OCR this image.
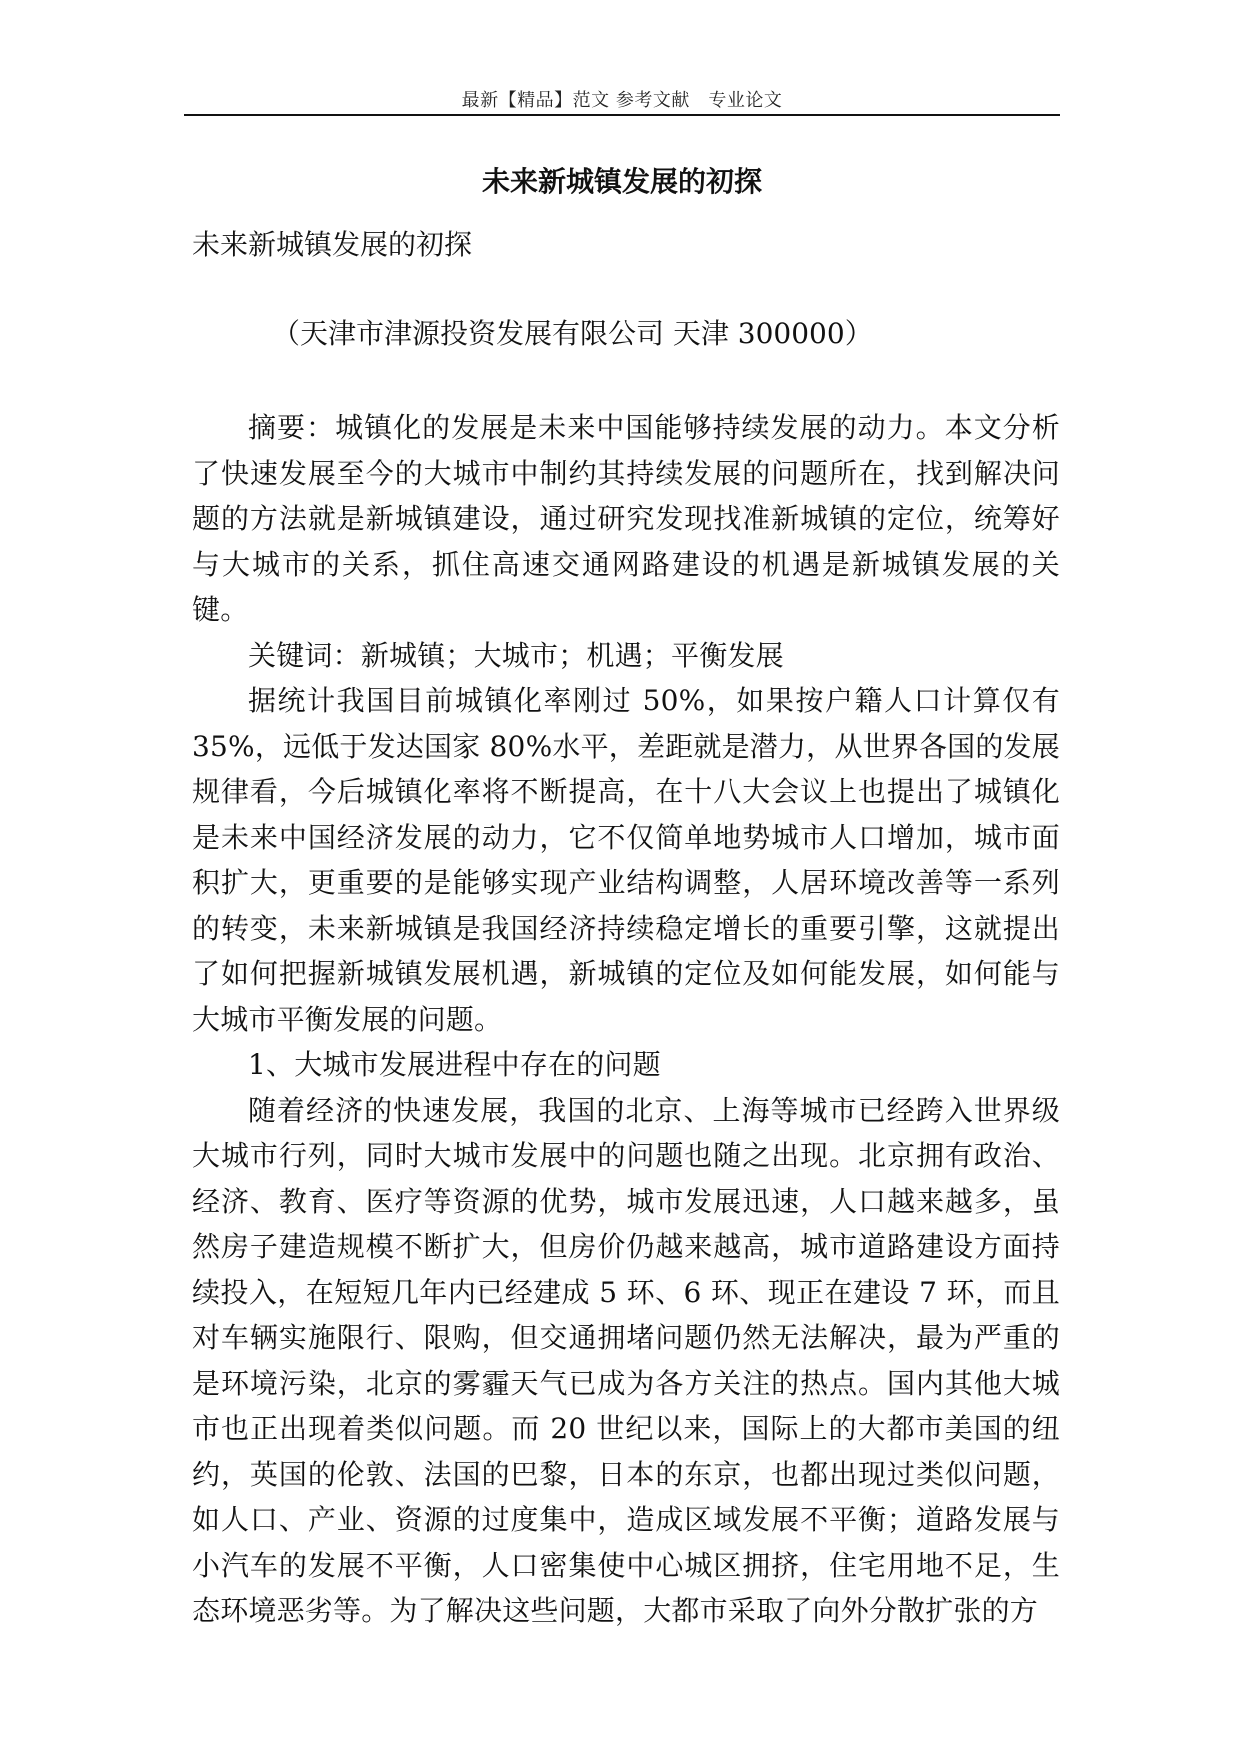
最新【精品】范文 参考文献　专业论文
未来新城镇发展的初探

未来新城镇发展的初探

（天津市津源投资发展有限公司 天津 300000）

摘要：城镇化的发展是未来中国能够持续发展的动力。本文分析了快速发展至今的大城市中制约其持续发展的问题所在，找到解决问题的方法就是新城镇建设，通过研究发现找准新城镇的定位，统筹好与大城市的关系，抓住高速交通网路建设的机遇是新城镇发展的关键。

关键词：新城镇；大城市；机遇；平衡发展

据统计我国目前城镇化率刚过 50%，如果按户籍人口计算仅有 35%，远低于发达国家 80%水平，差距就是潜力，从世界各国的发展规律看，今后城镇化率将不断提高，在十八大会议上也提出了城镇化是未来中国经济发展的动力，它不仅简单地势城市人口增加，城市面积扩大，更重要的是能够实现产业结构调整，人居环境改善等一系列的转变，未来新城镇是我国经济持续稳定增长的重要引擎，这就提出了如何把握新城镇发展机遇，新城镇的定位及如何能发展，如何能与大城市平衡发展的问题。

1、大城市发展进程中存在的问题

随着经济的快速发展，我国的北京、上海等城市已经跨入世界级大城市行列，同时大城市发展中的问题也随之出现。北京拥有政治、经济、教育、医疗等资源的优势，城市发展迅速，人口越来越多，虽然房子建造规模不断扩大，但房价仍越来越高，城市道路建设方面持续投入，在短短几年内已经建成 5 环、6 环、现正在建设 7 环，而且对车辆实施限行、限购，但交通拥堵问题仍然无法解决，最为严重的是环境污染，北京的雾霾天气已成为各方关注的热点。国内其他大城市也正出现着类似问题。而 20 世纪以来，国际上的大都市美国的纽约，英国的伦敦、法国的巴黎，日本的东京，也都出现过类似问题，如人口、产业、资源的过度集中，造成区域发展不平衡；道路发展与小汽车的发展不平衡，人口密集使中心城区拥挤，住宅用地不足，生态环境恶劣等。为了解决这些问题，大都市采取了向外分散扩张的方
